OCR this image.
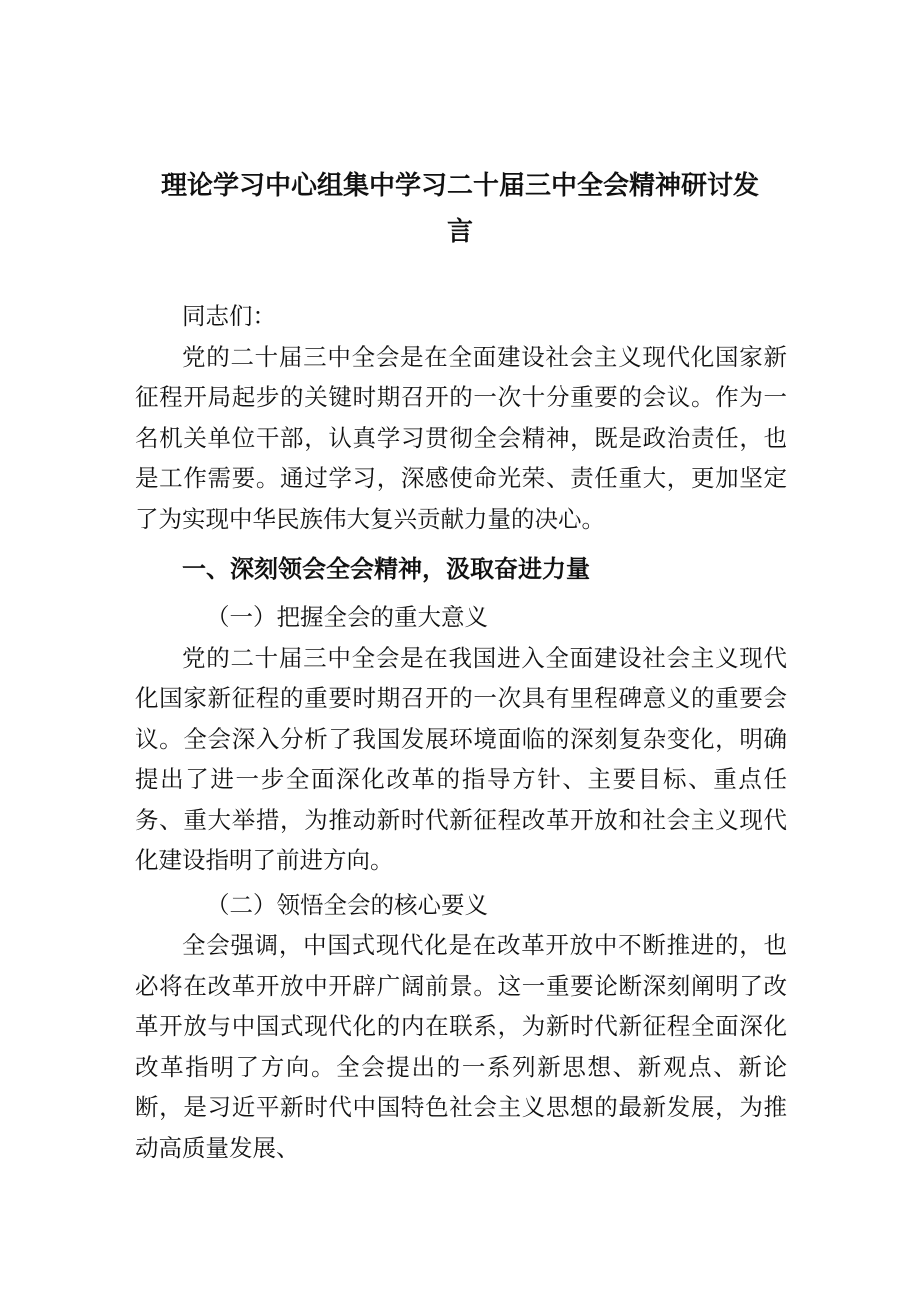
理论学习中心组集中学习二十届三中全会精神研讨发

言

同志们：

党的二十届三中全会是在全面建设社会主义现代化国家新征程开局起步的关键时期召开的一次十分重要的会议。作为一名机关单位干部，认真学习贯彻全会精神，既是政治责任，也是工作需要。通过学习，深感使命光荣、责任重大，更加坚定了为实现中华民族伟大复兴贡献力量的决心。

一、深刻领会全会精神，汲取奋进力量

（一）把握全会的重大意义

党的二十届三中全会是在我国进入全面建设社会主义现代化国家新征程的重要时期召开的一次具有里程碑意义的重要会议。全会深入分析了我国发展环境面临的深刻复杂变化，明确提出了进一步全面深化改革的指导方针、主要目标、重点任务、重大举措，为推动新时代新征程改革开放和社会主义现代化建设指明了前进方向。

（二）领悟全会的核心要义

全会强调，中国式现代化是在改革开放中不断推进的，也必将在改革开放中开辟广阔前景。这一重要论断深刻阐明了改革开放与中国式现代化的内在联系，为新时代新征程全面深化改革指明了方向。全会提出的一系列新思想、新观点、新论断，是习近平新时代中国特色社会主义思想的最新发展，为推动高质量发展、
